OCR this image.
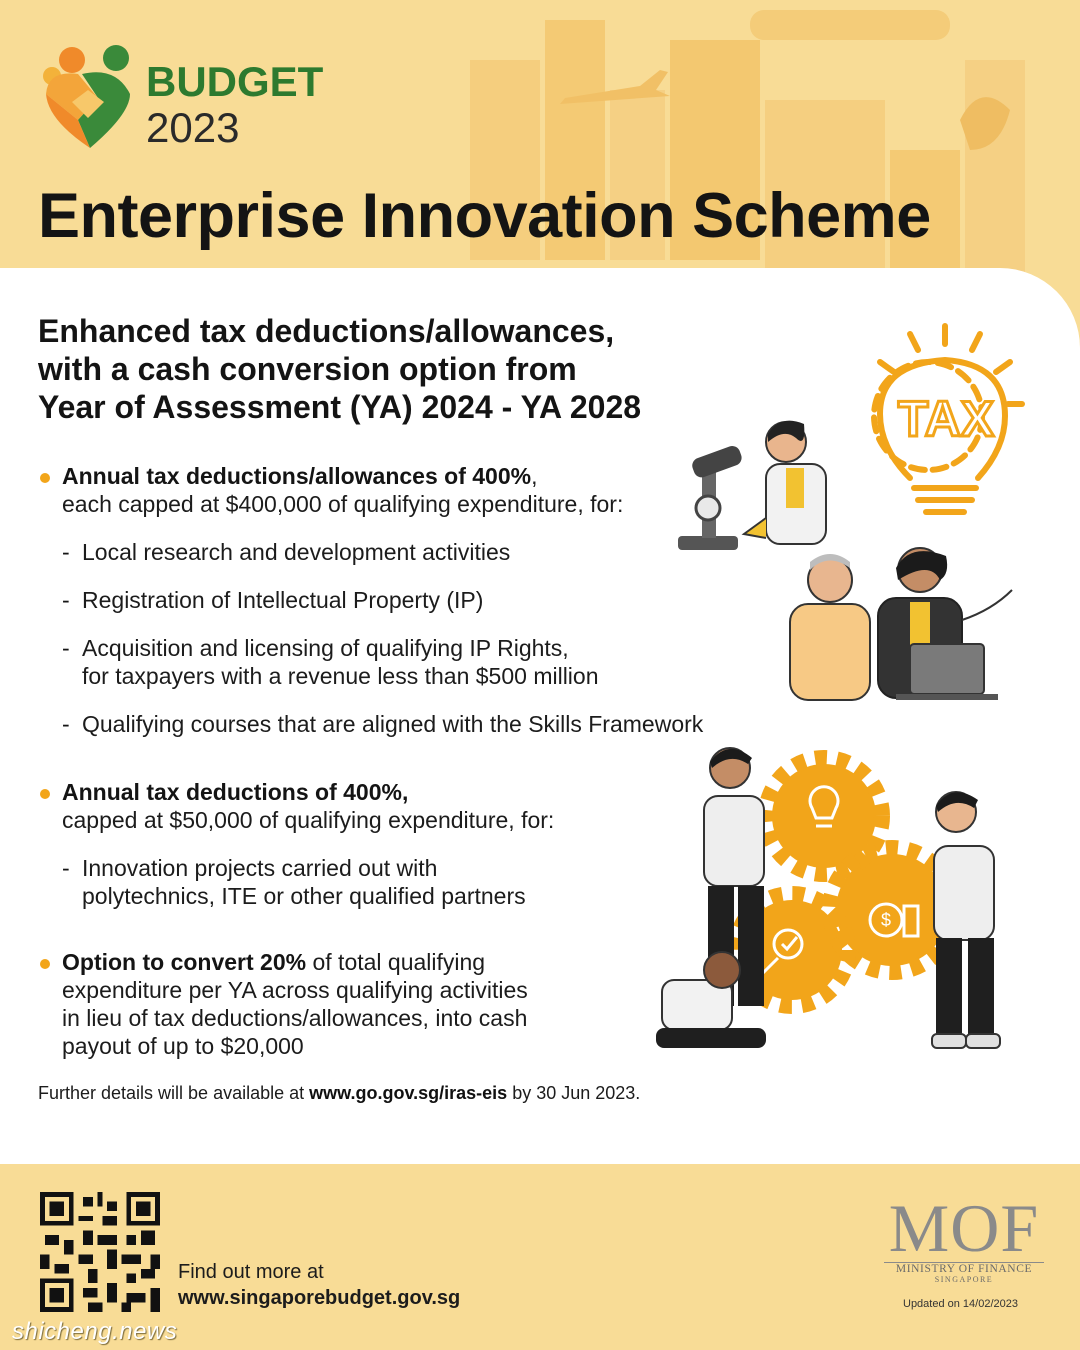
BUDGET
2023
Enterprise Innovation Scheme
Enhanced tax deductions/allowances,
with a cash conversion option from
Year of Assessment (YA) 2024 - YA 2028
Annual tax deductions/allowances of 400%,
each capped at $400,000 of qualifying expenditure, for:
- Local research and development activities
- Registration of Intellectual Property (IP)
- Acquisition and licensing of qualifying IP Rights,
for taxpayers with a revenue less than $500 million
- Qualifying courses that are aligned with the Skills Framework
Annual tax deductions of 400%,
capped at $50,000 of qualifying expenditure, for:
- Innovation projects carried out with
polytechnics, ITE or other qualified partners
Option to convert 20% of total qualifying
expenditure per YA across qualifying activities
in lieu of tax deductions/allowances, into cash
payout of up to $20,000
Further details will be available at www.go.gov.sg/iras-eis by 30 Jun 2023.
TAX
$
Find out more at
www.singaporebudget.gov.sg
MOF
MINISTRY OF FINANCE
SINGAPORE
Updated on 14/02/2023
shicheng.news
